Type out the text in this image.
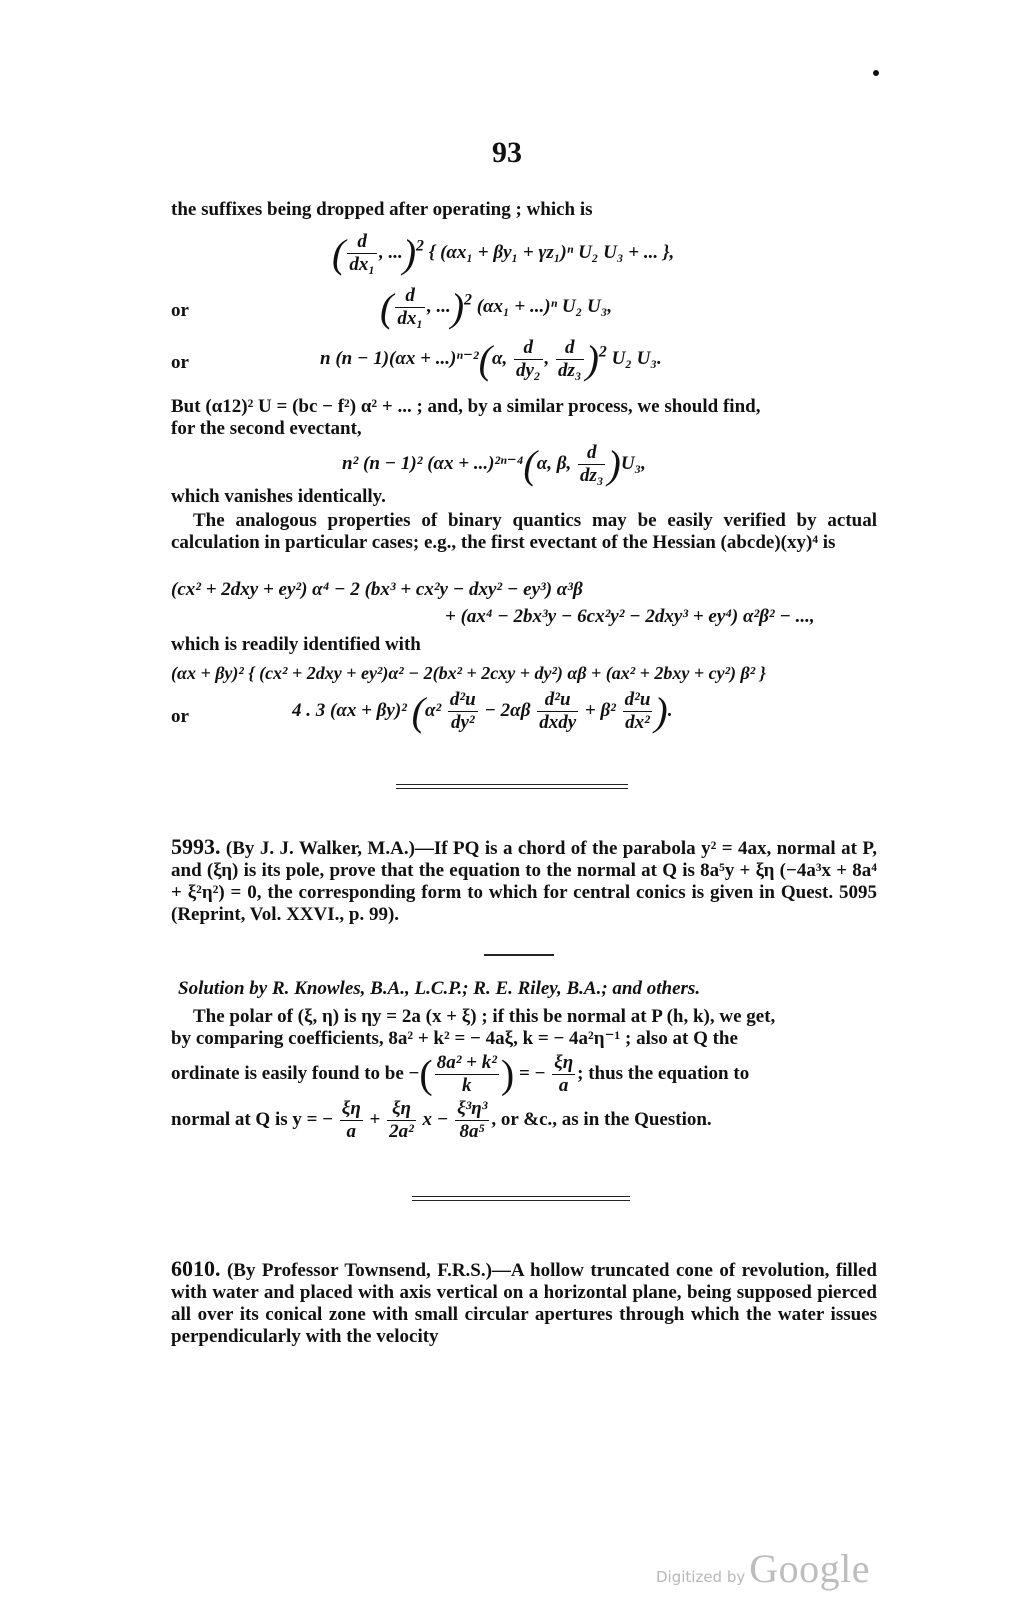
93
the suffixes being dropped after operating ; which is
( $\frac{d}{\text{dx₁}}$ , ...)$^2$ { (αx₁ + βy₁ + γz₁)ⁿ U₂ U₃ + ... },
or	( $\frac{d}{\text{dx₁}}$ , ...)$^2$ (αx₁ + ...)ⁿ U₂ U₃,
or	n (n − 1)(αx + ...)ⁿ⁻²(α, $\frac{d}{\text{dy₂}}$ , $\frac{d}{\text{dz₃}} )^2$ U₂ U₃.
But (α12)² U = (bc − f²) α² + ... ; and, by a similar process, we should find,
for the second evectant,
n² (n − 1)² (αx + ...)²ⁿ⁻⁴(α, β, $\frac{d}{\text{dz₃}} )U_3$,
which vanishes identically.
The analogous properties of binary quantics may be easily verified by actual calculation in particular cases; e.g., the first evectant of the Hessian (abcde)(xy)⁴ is
(cx² + 2dxy + ey²) α⁴ − 2 (bx³ + cx²y − dxy² − ey³) α³β
+ (ax⁴ − 2bx³y − 6cx²y² − 2dxy³ + ey⁴) α²β² − ...,
which is readily identified with
(αx + βy)² { (cx² + 2dxy + ey²)α² − 2(bx² + 2cxy + dy²) αβ + (ax² + 2bxy + cy²) β² }
or	4 . 3 (αx + βy)² ($\alpha^2 \frac{\text{d²u}}{\text{dy²}} - 2\alpha\beta \frac{\text{d²u}}{\text{dxdy}} + \beta^2 \frac{\text{d²u}}{\text{dx²}}$ ).
5993. (By J. J. Walker, M.A.)—If PQ is a chord of the parabola y² = 4ax, normal at P, and (ξη) is its pole, prove that the equation to the normal at Q is 8a⁵y + ξη (−4a³x + 8a⁴ + ξ²η²) = 0, the corresponding form to which for central conics is given in Quest. 5095 (Reprint, Vol. XXVI., p. 99).
Solution by R. Knowles, B.A., L.C.P.; R. E. Riley, B.A.; and others.
The polar of (ξ, η) is ηy = 2a (x + ξ) ; if this be normal at P (h, k), we get,
by comparing coefficients, 8a² + k² = − 4aξ, k = − 4a²η⁻¹ ; also at Q the
ordinate is easily found to be −( $\frac{\text{8a² + k²}}{k}$ ) = − $\frac{\xi\eta}{a}$ ; thus the equation to
normal at Q is y = − $\frac{\xi\eta}{a} + \frac{\xi\eta}{\text{2a²}}$ $x - \frac{\text{ξ³η³}}{\text{8a⁵}}$ , or &c., as in the Question.
6010. (By Professor Townsend, F.R.S.)—A hollow truncated cone of revolution, filled with water and placed with axis vertical on a horizontal plane, being supposed pierced all over its conical zone with small circular apertures through which the water issues perpendicularly with the velocity
Digitized by Google
